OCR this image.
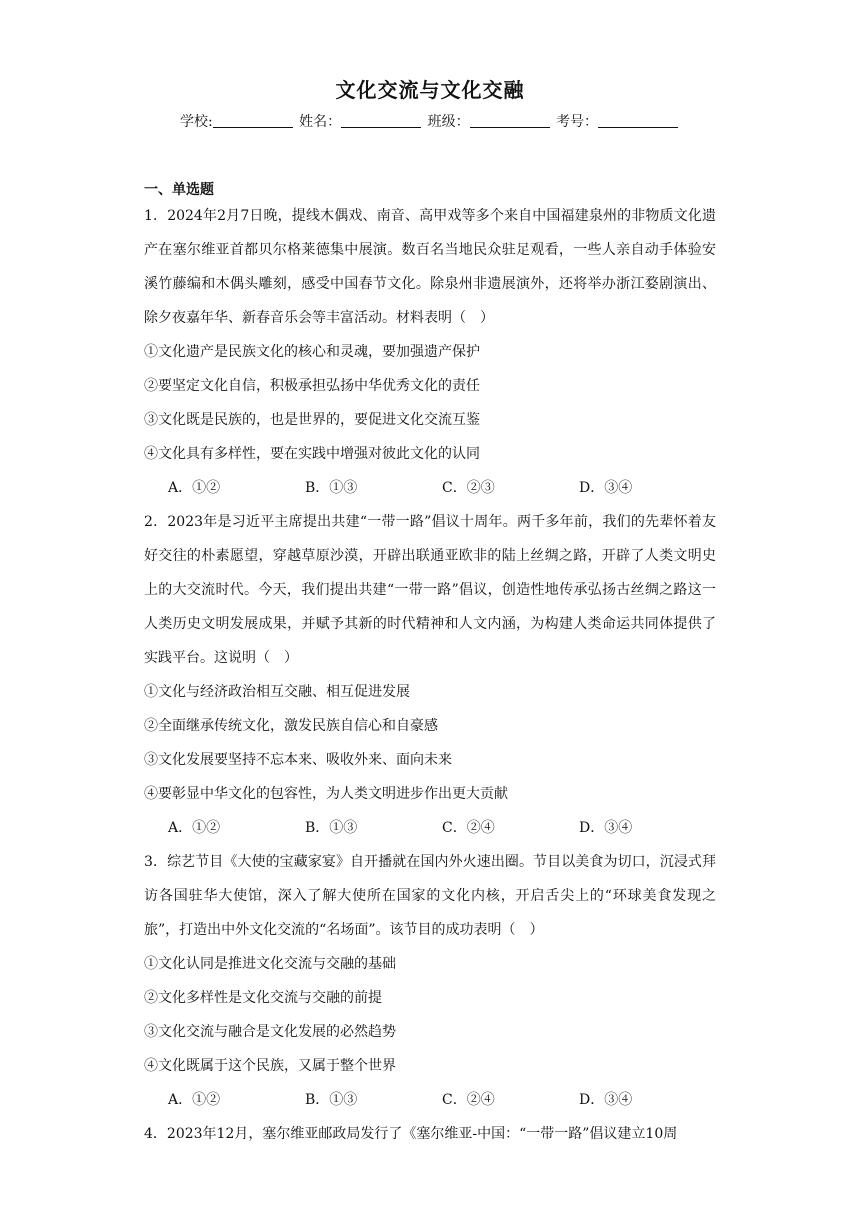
文化交流与文化交融
学校:	姓名：	班级：	考号：
一、单选题

1．2024年2月7日晚，提线木偶戏、南音、高甲戏等多个来自中国福建泉州的非物质文化遗产在塞尔维亚首都贝尔格莱德集中展演。数百名当地民众驻足观看，一些人亲自动手体验安溪竹藤编和木偶头雕刻，感受中国春节文化。除泉州非遗展演外，还将举办浙江婺剧演出、除夕夜嘉年华、新春音乐会等丰富活动。材料表明（　）

①文化遗产是民族文化的核心和灵魂，要加强遗产保护

②要坚定文化自信，积极承担弘扬中华优秀文化的责任

③文化既是民族的，也是世界的，要促进文化交流互鉴

④文化具有多样性，要在实践中增强对彼此文化的认同

A．①②	B．①③	C．②③	D．③④

2．2023年是习近平主席提出共建“一带一路”倡议十周年。两千多年前，我们的先辈怀着友好交往的朴素愿望，穿越草原沙漠，开辟出联通亚欧非的陆上丝绸之路，开辟了人类文明史上的大交流时代。今天，我们提出共建“一带一路”倡议，创造性地传承弘扬古丝绸之路这一人类历史文明发展成果，并赋予其新的时代精神和人文内涵，为构建人类命运共同体提供了实践平台。这说明（　）

①文化与经济政治相互交融、相互促进发展

②全面继承传统文化，激发民族自信心和自豪感

③文化发展要坚持不忘本来、吸收外来、面向未来

④要彰显中华文化的包容性，为人类文明进步作出更大贡献

A．①②	B．①③	C．②④	D．③④

3．综艺节目《大使的宝藏家宴》自开播就在国内外火速出圈。节目以美食为切口，沉浸式拜访各国驻华大使馆，深入了解大使所在国家的文化内核，开启舌尖上的“环球美食发现之旅”，打造出中外文化交流的“名场面”。该节目的成功表明（　）

①文化认同是推进文化交流与交融的基础

②文化多样性是文化交流与交融的前提

③文化交流与融合是文化发展的必然趋势

④文化既属于这个民族，又属于整个世界

A．①②	B．①③	C．②④	D．③④

4．2023年12月，塞尔维亚邮政局发行了《塞尔维亚-中国：“一带一路”倡议建立10周
